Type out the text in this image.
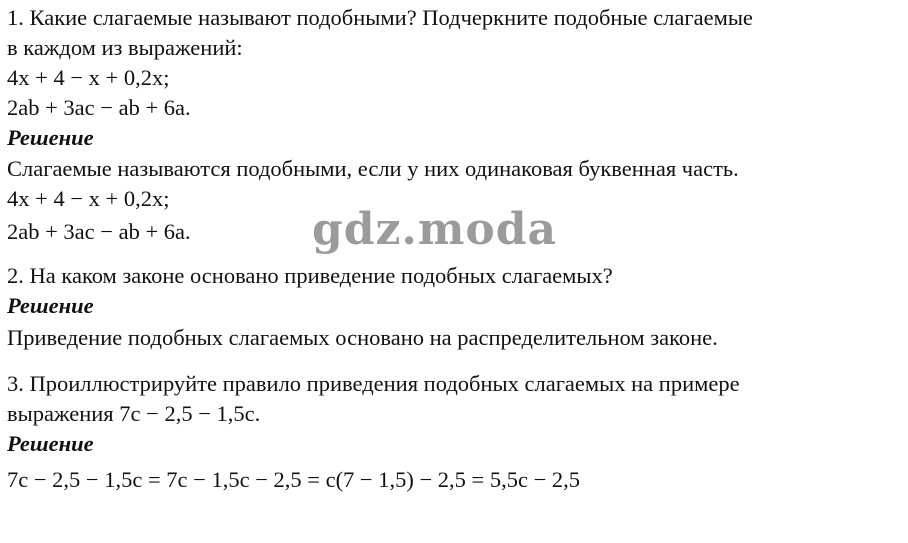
1. Какие слагаемые называют подобными? Подчеркните подобные слагаемые
в каждом из выражений:
4x + 4 − x + 0,2x;
2ab + 3ac − ab + 6a.
Решение
Слагаемые называются подобными, если у них одинаковая буквенная часть.
4x + 4 − x + 0,2x;
2ab + 3ac − ab + 6a.
2. На каком законе основано приведение подобных слагаемых?
Решение
Приведение подобных слагаемых основано на распределительном законе.
3. Проиллюстрируйте правило приведения подобных слагаемых на примере
выражения 7c − 2,5 − 1,5c.
Решение
7c − 2,5 − 1,5c = 7c − 1,5c − 2,5 = c(7 − 1,5) − 2,5 = 5,5c − 2,5
gdz.moda
